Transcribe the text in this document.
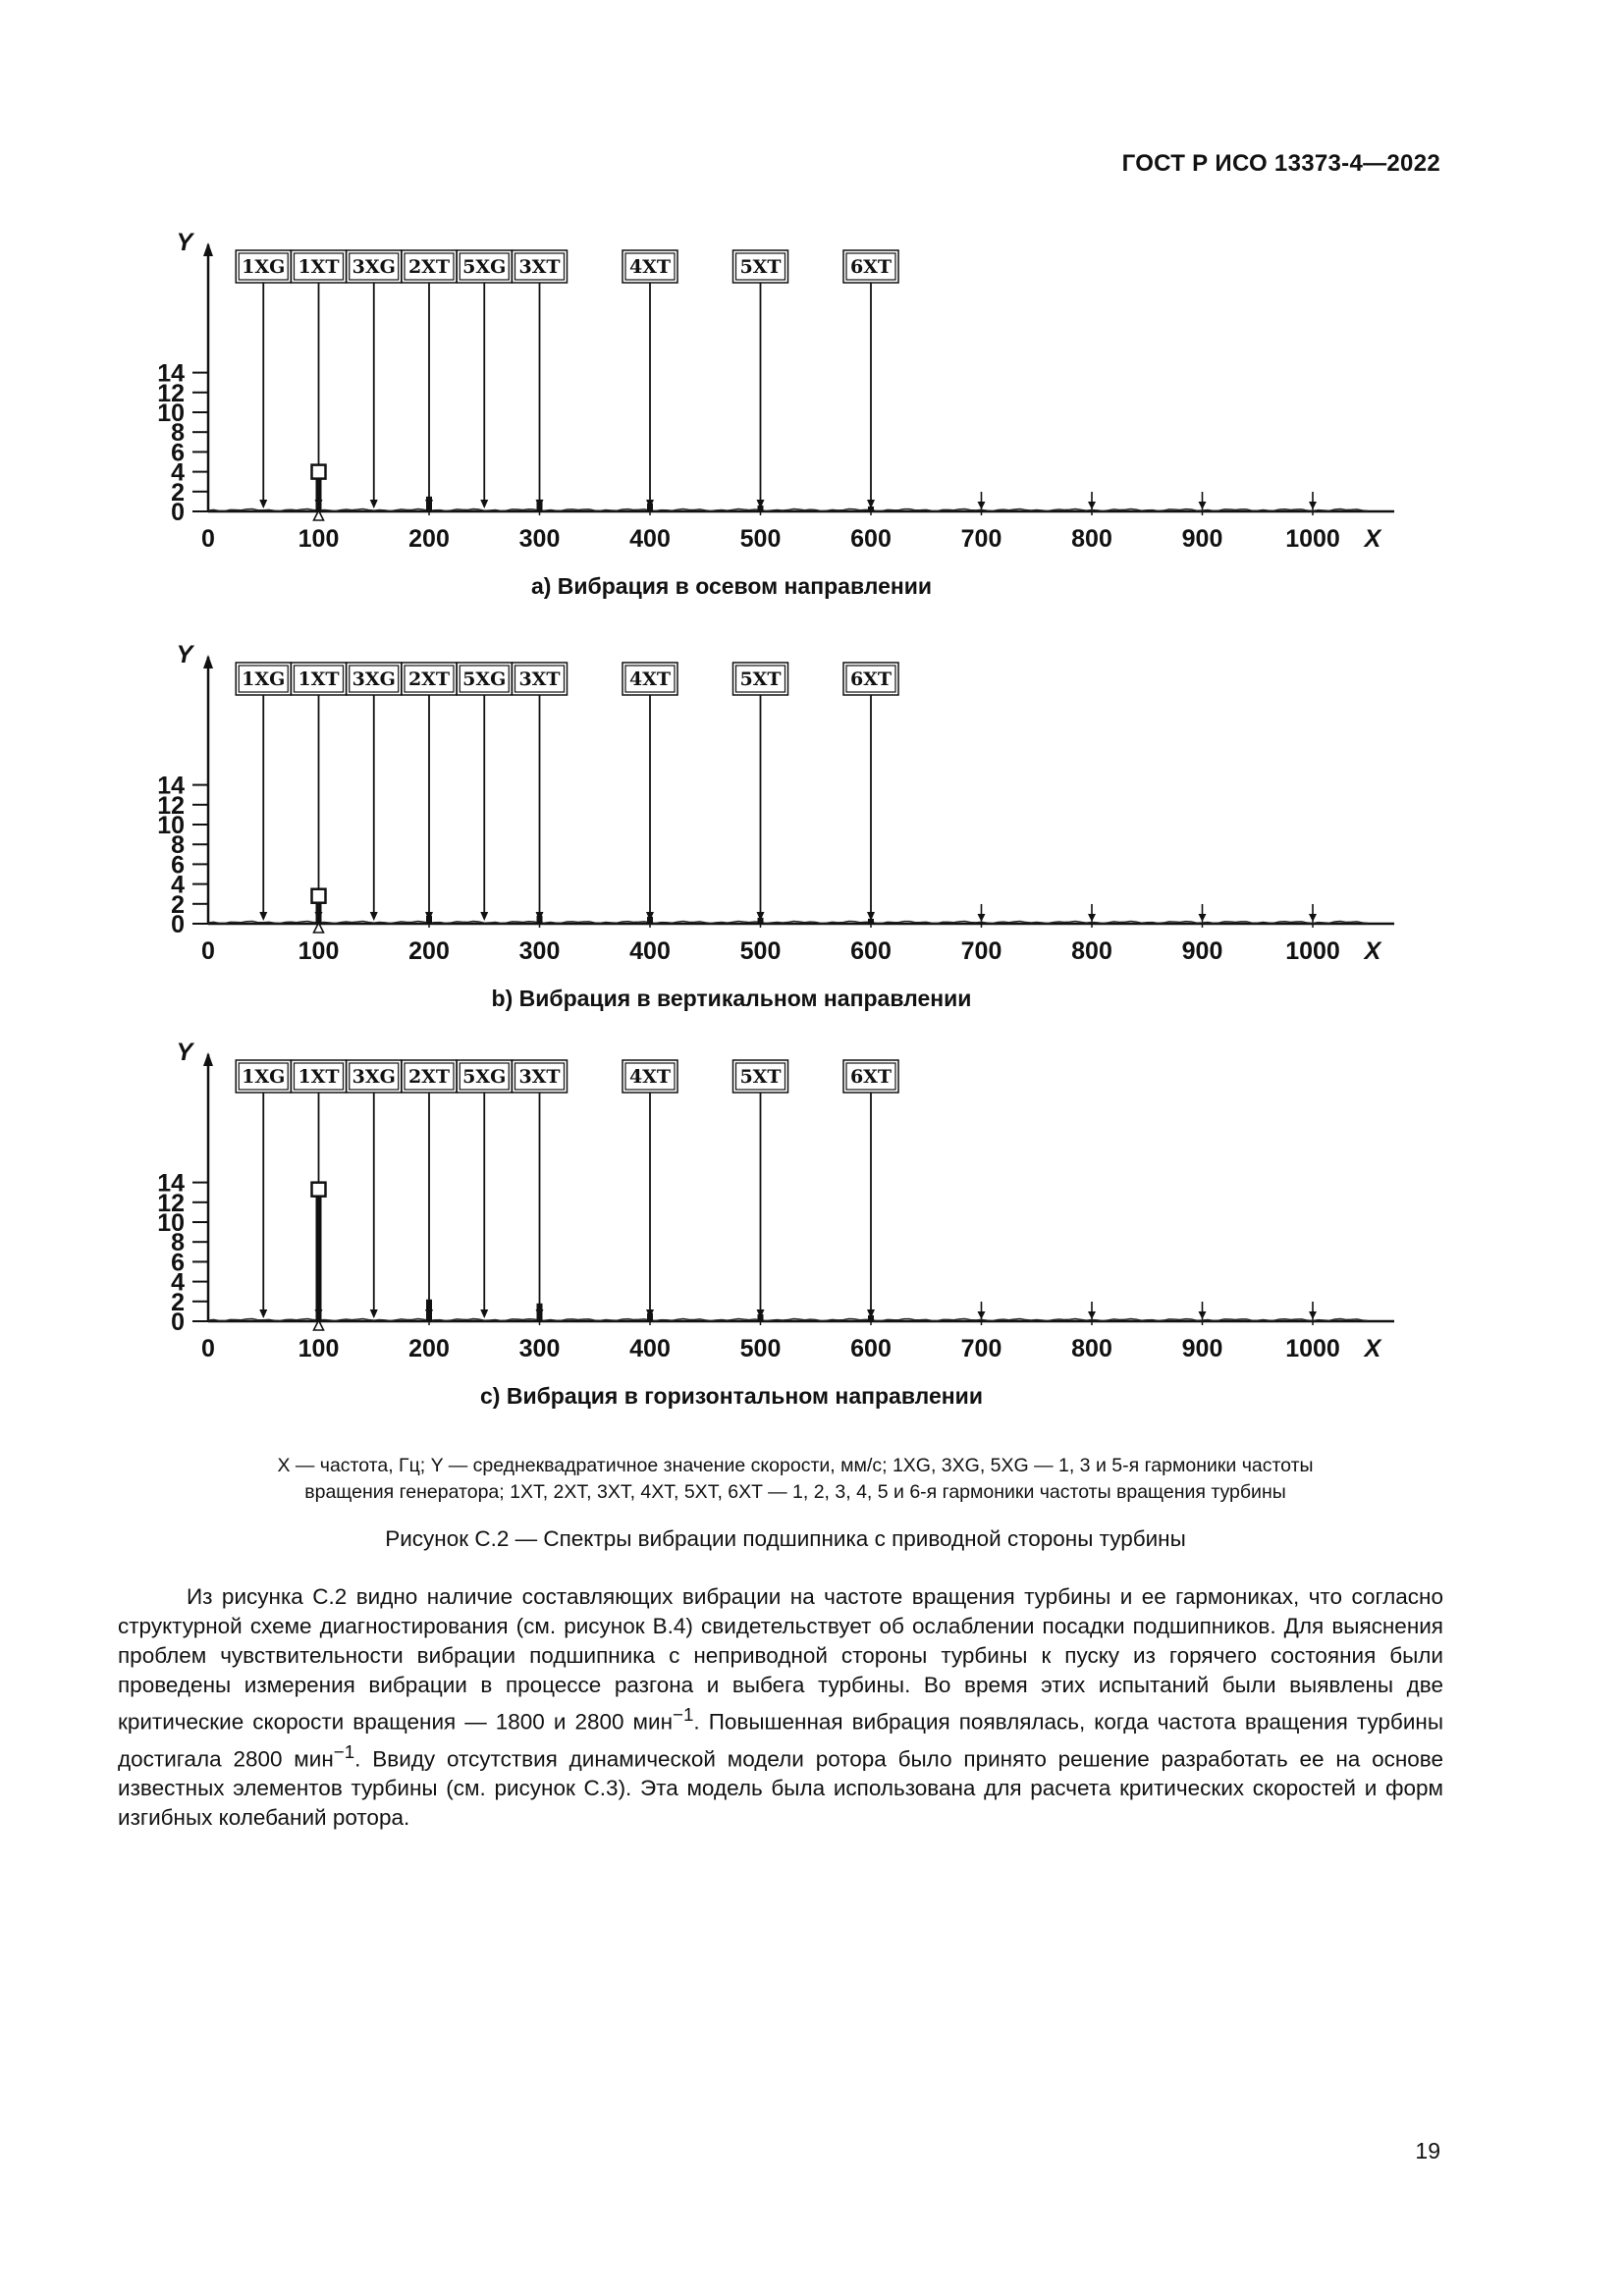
ГОСТ Р ИСО 13373-4—2022
0
2
4
6
8
10
12
14
Y
0	100	200	300	400	500	600	700	800	900	1000 X
1XG 1XT 3XG 2XT 5XG 3XT	4XT	5XT	6XT
a) Вибрация в осевом направлении
0
2
4
6
8
10
12
14
Y
0	100	200	300	400	500	600	700	800	900	1000 X
1XG 1XT 3XG 2XT 5XG 3XT	4XT	5XT	6XT
b) Вибрация в вертикальном направлении
0
2
4
6
8
10
12
14
Y
0	100	200	300	400	500	600	700	800	900	1000 X
1XG 1XT 3XG 2XT 5XG 3XT	4XT	5XT	6XT
c) Вибрация в горизонтальном направлении
X — частота, Гц; Y — среднеквадратичное значение скорости, мм/с; 1XG, 3XG, 5XG — 1, 3 и 5-я гармоники частоты
вращения генератора; 1XT, 2XT, 3XT, 4XT, 5XT, 6XT — 1, 2, 3, 4, 5 и 6-я гармоники частоты вращения турбины
Рисунок С.2 — Спектры вибрации подшипника с приводной стороны турбины

Из рисунка С.2 видно наличие составляющих вибрации на частоте вращения турбины и ее гармониках, что согласно структурной схеме диагностирования (см. рисунок В.4) свидетельствует об ослаблении посадки подшипников. Для выяснения проблем чувствительности вибрации подшипника с неприводной стороны турбины к пуску из горячего состояния были проведены измерения вибрации в процессе разгона и выбега турбины. Во время этих испытаний были выявлены две критические скорости вращения — 1800 и 2800 мин$^{-1}$. Повышенная вибрация появлялась, когда частота вращения турбины достигала 2800 мин$^{-1}$. Ввиду отсутствия динамической модели ротора было принято решение разработать ее на основе известных элементов турбины (см. рисунок С.3). Эта модель была использована для расчета критических скоростей и форм изгибных колебаний ротора.

19
